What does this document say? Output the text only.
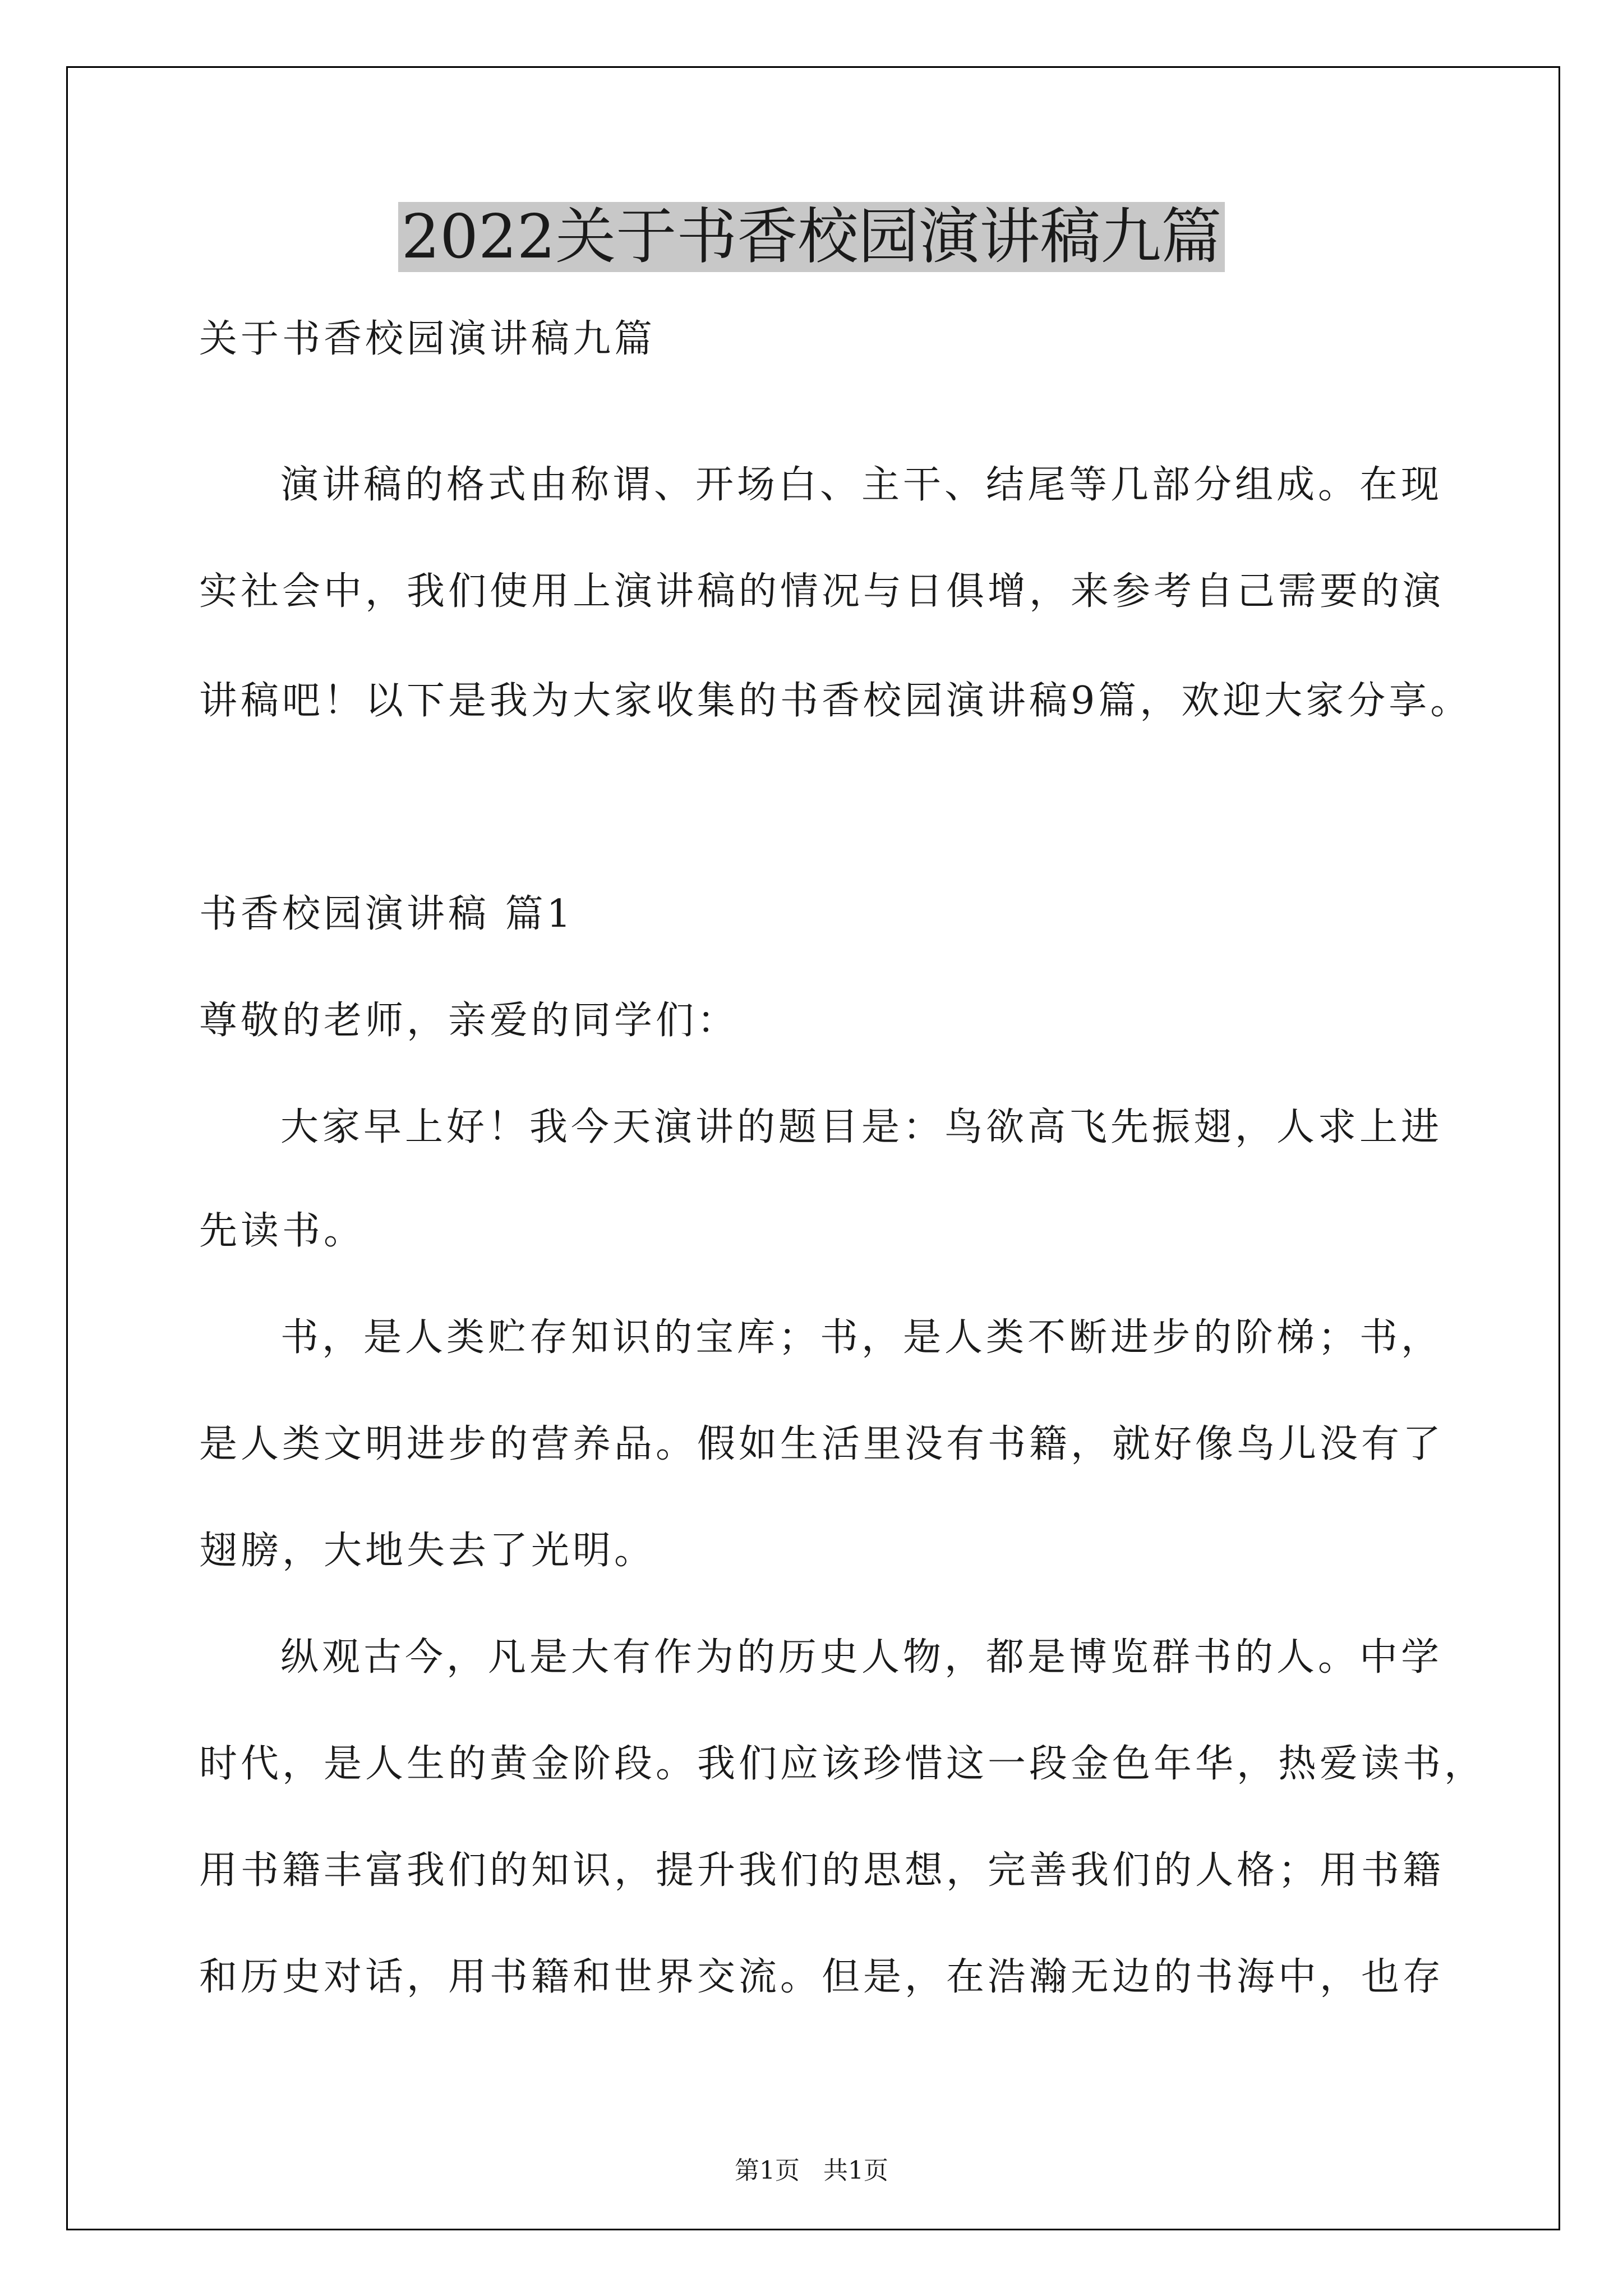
2022关于书香校园演讲稿九篇
关于书香校园演讲稿九篇
演讲稿的格式由称谓、开场白、主干、结尾等几部分组成。在现
实社会中，我们使用上演讲稿的情况与日俱增，来参考自己需要的演
讲稿吧！以下是我为大家收集的书香校园演讲稿9篇，欢迎大家分享。
书香校园演讲稿 篇1
尊敬的老师，亲爱的同学们：
大家早上好！我今天演讲的题目是：鸟欲高飞先振翅，人求上进
先读书。
书，是人类贮存知识的宝库；书，是人类不断进步的阶梯；书，
是人类文明进步的营养品。假如生活里没有书籍，就好像鸟儿没有了
翅膀，大地失去了光明。
纵观古今，凡是大有作为的历史人物，都是博览群书的人。中学
时代，是人生的黄金阶段。我们应该珍惜这一段金色年华，热爱读书，
用书籍丰富我们的知识，提升我们的思想，完善我们的人格；用书籍
和历史对话，用书籍和世界交流。但是，在浩瀚无边的书海中，也存
第1页   共1页
